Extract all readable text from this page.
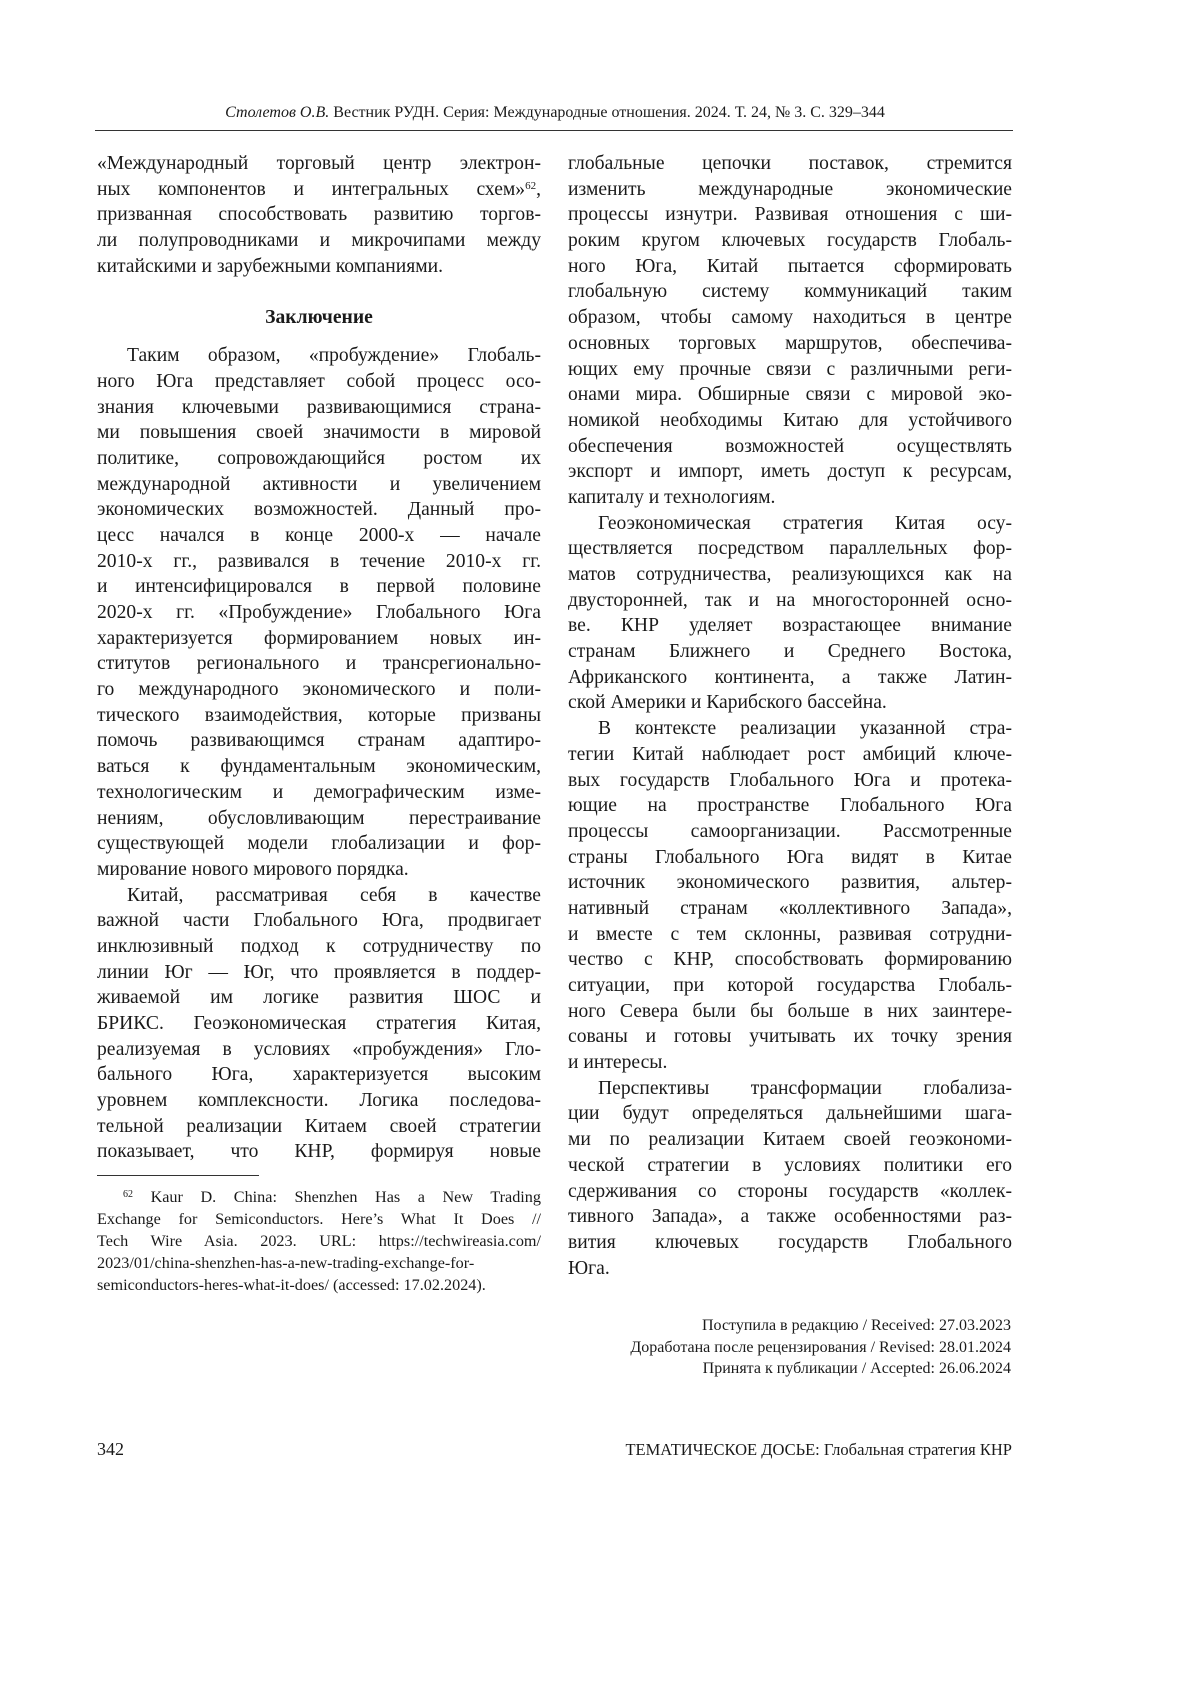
Столетов О.В. Вестник РУДН. Серия: Международные отношения. 2024. Т. 24, № 3. С. 329–344
«Международный торговый центр электрон-
ных компонентов и интегральных схем»62,
призванная способствовать развитию торгов-
ли полупроводниками и микрочипами между
китайскими и зарубежными компаниями.
Заключение
Таким образом, «пробуждение» Глобаль-
ного Юга представляет собой процесс осо-
знания ключевыми развивающимися страна-
ми повышения своей значимости в мировой
политике, сопровождающийся ростом их
международной активности и увеличением
экономических возможностей. Данный про-
цесс начался в конце 2000-х — начале
2010-х гг., развивался в течение 2010-х гг.
и интенсифицировался в первой половине
2020-х гг. «Пробуждение» Глобального Юга
характеризуется формированием новых ин-
ститутов регионального и трансрегионально-
го международного экономического и поли-
тического взаимодействия, которые призваны
помочь развивающимся странам адаптиро-
ваться к фундаментальным экономическим,
технологическим и демографическим изме-
нениям, обусловливающим перестраивание
существующей модели глобализации и фор-
мирование нового мирового порядка.
Китай, рассматривая себя в качестве
важной части Глобального Юга, продвигает
инклюзивный подход к сотрудничеству по
линии Юг — Юг, что проявляется в поддер-
живаемой им логике развития ШОС и
БРИКС. Геоэкономическая стратегия Китая,
реализуемая в условиях «пробуждения» Гло-
бального Юга, характеризуется высоким
уровнем комплексности. Логика последова-
тельной реализации Китаем своей стратегии
показывает, что КНР, формируя новые
глобальные цепочки поставок, стремится
изменить международные экономические
процессы изнутри. Развивая отношения с ши-
роким кругом ключевых государств Глобаль-
ного Юга, Китай пытается сформировать
глобальную систему коммуникаций таким
образом, чтобы самому находиться в центре
основных торговых маршрутов, обеспечива-
ющих ему прочные связи с различными реги-
онами мира. Обширные связи с мировой эко-
номикой необходимы Китаю для устойчивого
обеспечения возможностей осуществлять
экспорт и импорт, иметь доступ к ресурсам,
капиталу и технологиям.
Геоэкономическая стратегия Китая осу-
ществляется посредством параллельных фор-
матов сотрудничества, реализующихся как на
двусторонней, так и на многосторонней осно-
ве. КНР уделяет возрастающее внимание
странам Ближнего и Среднего Востока,
Африканского континента, а также Латин-
ской Америки и Карибского бассейна.
В контексте реализации указанной стра-
тегии Китай наблюдает рост амбиций ключе-
вых государств Глобального Юга и протека-
ющие на пространстве Глобального Юга
процессы самоорганизации. Рассмотренные
страны Глобального Юга видят в Китае
источник экономического развития, альтер-
нативный странам «коллективного Запада»,
и вместе с тем склонны, развивая сотрудни-
чество с КНР, способствовать формированию
ситуации, при которой государства Глобаль-
ного Севера были бы больше в них заинтере-
сованы и готовы учитывать их точку зрения
и интересы.
Перспективы трансформации глобализа-
ции будут определяться дальнейшими шага-
ми по реализации Китаем своей геоэкономи-
ческой стратегии в условиях политики его
сдерживания со стороны государств «коллек-
тивного Запада», а также особенностями раз-
вития ключевых государств Глобального
Юга.
62 Kaur D. China: Shenzhen Has a New Trading
Exchange for Semiconductors. Here’s What It Does //
Tech Wire Asia. 2023. URL: https://techwireasia.com/
2023/01/china-shenzhen-has-a-new-trading-exchange-for-
semiconductors-heres-what-it-does/ (accessed: 17.02.2024).
Поступила в редакцию / Received: 27.03.2023
Доработана после рецензирования / Revised: 28.01.2024
Принята к публикации / Accepted: 26.06.2024
342	ТЕМАТИЧЕСКОЕ ДОСЬЕ: Глобальная стратегия КНР
